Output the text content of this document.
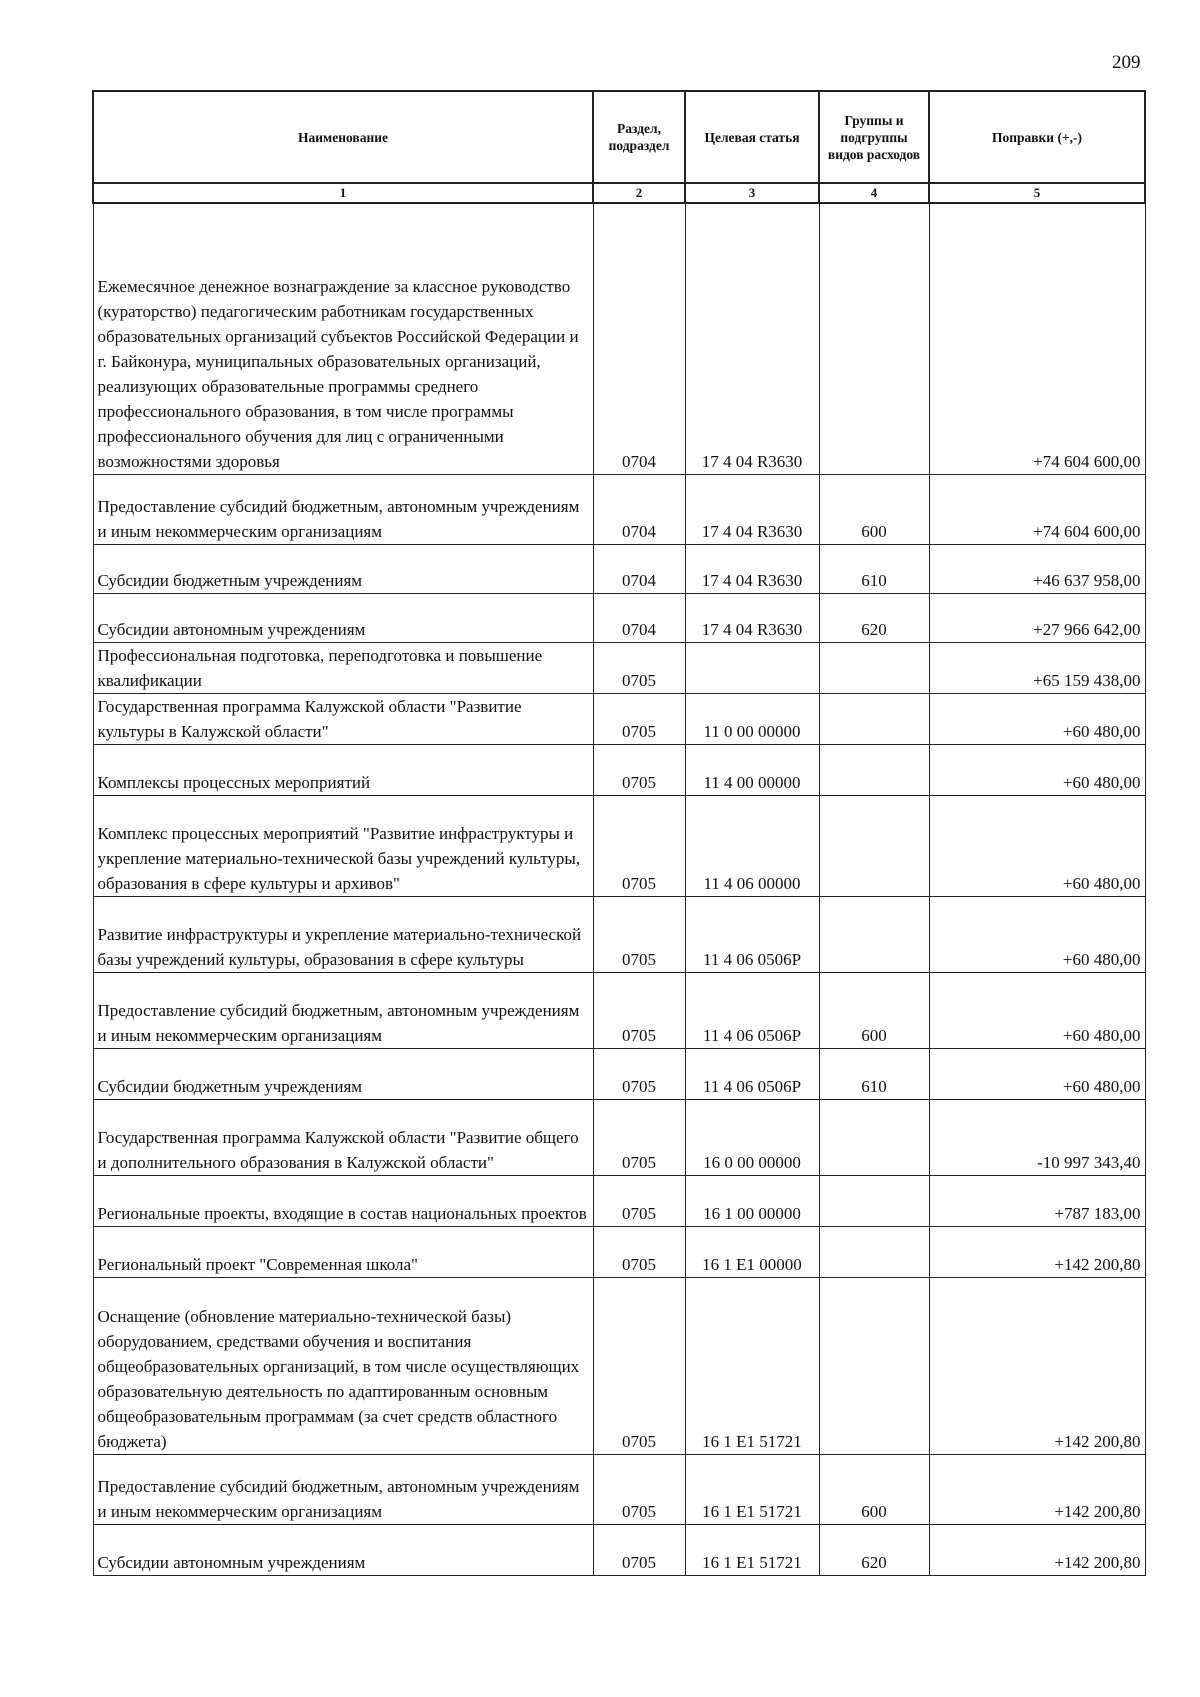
209
Наименование	Раздел, подраздел	Целевая статья	Группы и подгруппы видов расходов	Поправки (+,-)
1	2	3	4	5
Ежемесячное денежное вознаграждение за классное руководство (кураторство) педагогическим работникам государственных образовательных организаций субъектов Российской Федерации и г. Байконура, муниципальных образовательных организаций, реализующих образовательные программы среднего профессионального образования, в том числе программы профессионального обучения для лиц с ограниченными возможностями здоровья	0704	17 4 04 R3630		+74 604 600,00
Предоставление субсидий бюджетным, автономным учреждениям и иным некоммерческим организациям	0704	17 4 04 R3630	600	+74 604 600,00
Субсидии бюджетным учреждениям	0704	17 4 04 R3630	610	+46 637 958,00
Субсидии автономным учреждениям	0704	17 4 04 R3630	620	+27 966 642,00
Профессиональная подготовка, переподготовка и повышение квалификации	0705			+65 159 438,00
Государственная программа Калужской области "Развитие культуры в Калужской области"	0705	11 0 00 00000		+60 480,00
Комплексы процессных мероприятий	0705	11 4 00 00000		+60 480,00
Комплекс процессных мероприятий "Развитие инфраструктуры и укрепление материально-технической базы учреждений культуры, образования в сфере культуры и архивов"	0705	11 4 06 00000		+60 480,00
Развитие инфраструктуры и укрепление материально-технической базы учреждений культуры, образования в сфере культуры	0705	11 4 06 0506Р		+60 480,00
Предоставление субсидий бюджетным, автономным учреждениям и иным некоммерческим организациям	0705	11 4 06 0506Р	600	+60 480,00
Субсидии бюджетным учреждениям	0705	11 4 06 0506Р	610	+60 480,00
Государственная программа Калужской области "Развитие общего и дополнительного образования в Калужской области"	0705	16 0 00 00000		-10 997 343,40
Региональные проекты, входящие в состав национальных проектов	0705	16 1 00 00000		+787 183,00
Региональный проект "Современная школа"	0705	16 1 Е1 00000		+142 200,80
Оснащение (обновление материально-технической базы) оборудованием, средствами обучения и воспитания общеобразовательных организаций, в том числе осуществляющих образовательную деятельность по адаптированным основным общеобразовательным программам (за счет средств областного бюджета)	0705	16 1 Е1 51721		+142 200,80
Предоставление субсидий бюджетным, автономным учреждениям и иным некоммерческим организациям	0705	16 1 Е1 51721	600	+142 200,80
Субсидии автономным учреждениям	0705	16 1 Е1 51721	620	+142 200,80
